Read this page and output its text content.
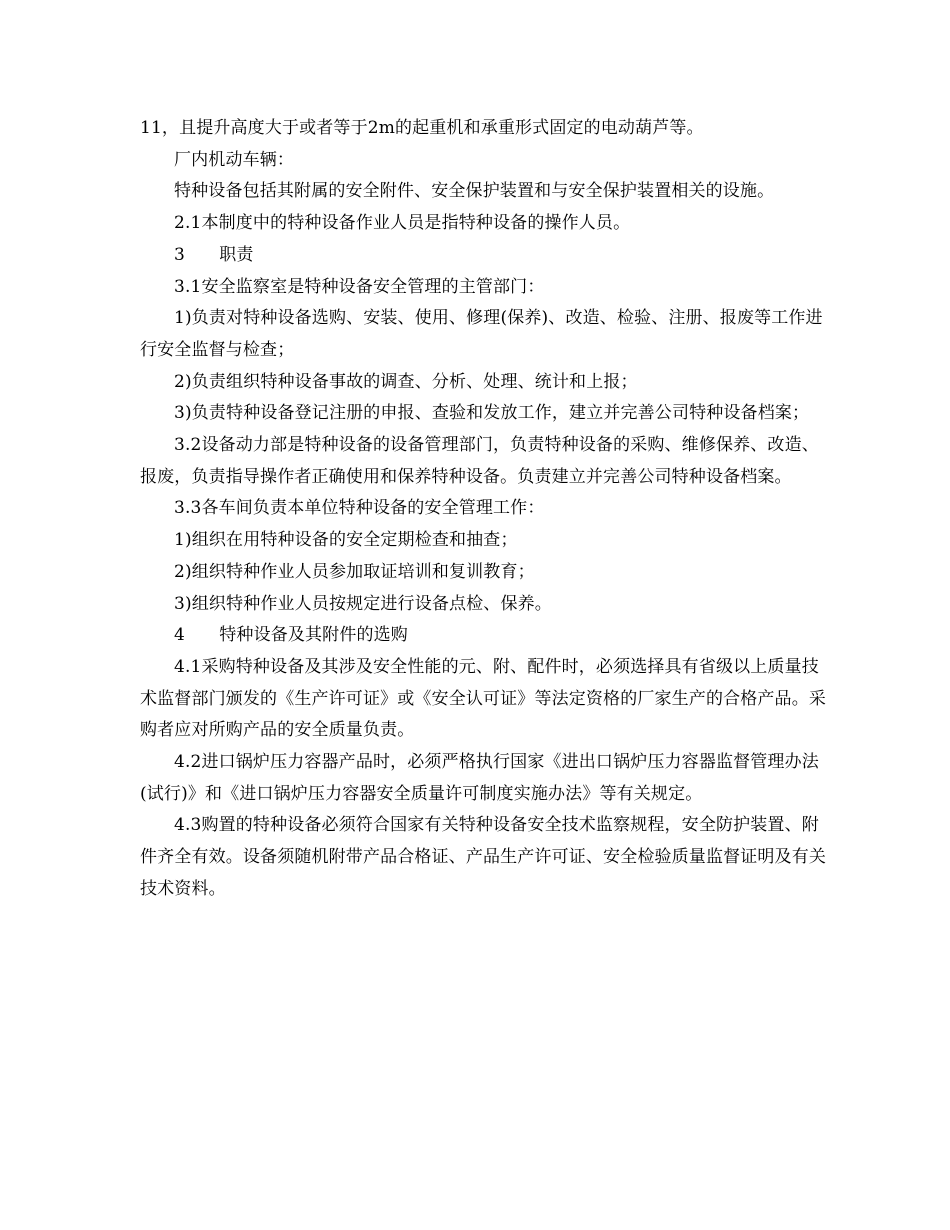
11，且提升高度大于或者等于2m的起重机和承重形式固定的电动葫芦等。

厂内机动车辆：

特种设备包括其附属的安全附件、安全保护装置和与安全保护装置相关的设施。

2.1本制度中的特种设备作业人员是指特种设备的操作人员。

3　　职责

3.1安全监察室是特种设备安全管理的主管部门：

1)负责对特种设备选购、安装、使用、修理(保养)、改造、检验、注册、报废等工作进行安全监督与检查；

2)负责组织特种设备事故的调查、分析、处理、统计和上报；

3)负责特种设备登记注册的申报、查验和发放工作，建立并完善公司特种设备档案；

3.2设备动力部是特种设备的设备管理部门，负责特种设备的采购、维修保养、改造、报废，负责指导操作者正确使用和保养特种设备。负责建立并完善公司特种设备档案。

3.3各车间负责本单位特种设备的安全管理工作：

1)组织在用特种设备的安全定期检查和抽查；

2)组织特种作业人员参加取证培训和复训教育；

3)组织特种作业人员按规定进行设备点检、保养。

4　　特种设备及其附件的选购

4.1采购特种设备及其涉及安全性能的元、附、配件时，必须选择具有省级以上质量技术监督部门颁发的《生产许可证》或《安全认可证》等法定资格的厂家生产的合格产品。采购者应对所购产品的安全质量负责。

4.2进口锅炉压力容器产品时，必须严格执行国家《进出口锅炉压力容器监督管理办法(试行)》和《进口锅炉压力容器安全质量许可制度实施办法》等有关规定。

4.3购置的特种设备必须符合国家有关特种设备安全技术监察规程，安全防护装置、附件齐全有效。设备须随机附带产品合格证、产品生产许可证、安全检验质量监督证明及有关技术资料。
